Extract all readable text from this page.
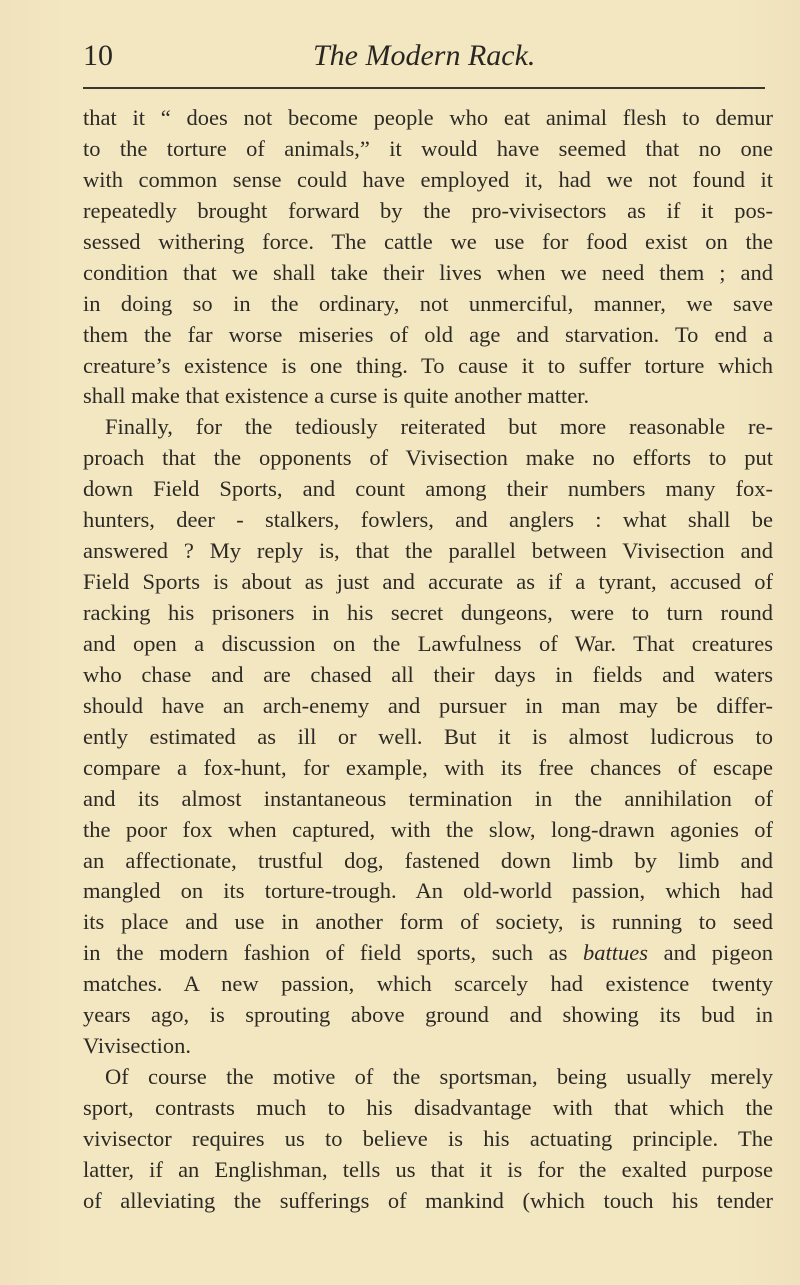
10	The Modern Rack.
that it “ does not become people who eat animal flesh to demur
to the torture of animals,” it would have seemed that no one
with common sense could have employed it, had we not found it
repeatedly brought forward by the pro-vivisectors as if it pos-
sessed withering force. The cattle we use for food exist on the
condition that we shall take their lives when we need them ; and
in doing so in the ordinary, not unmerciful, manner, we save
them the far worse miseries of old age and starvation. To end a
creature’s existence is one thing. To cause it to suffer torture which
shall make that existence a curse is quite another matter.
Finally, for the tediously reiterated but more reasonable re-
proach that the opponents of Vivisection make no efforts to put
down Field Sports, and count among their numbers many fox-
hunters, deer - stalkers, fowlers, and anglers : what shall be
answered ? My reply is, that the parallel between Vivisection and
Field Sports is about as just and accurate as if a tyrant, accused of
racking his prisoners in his secret dungeons, were to turn round
and open a discussion on the Lawfulness of War. That creatures
who chase and are chased all their days in fields and waters
should have an arch-enemy and pursuer in man may be differ-
ently estimated as ill or well. But it is almost ludicrous to
compare a fox-hunt, for example, with its free chances of escape
and its almost instantaneous termination in the annihilation of
the poor fox when captured, with the slow, long-drawn agonies of
an affectionate, trustful dog, fastened down limb by limb and
mangled on its torture-trough. An old-world passion, which had
its place and use in another form of society, is running to seed
in the modern fashion of field sports, such as battues and pigeon
matches. A new passion, which scarcely had existence twenty
years ago, is sprouting above ground and showing its bud in
Vivisection.
Of course the motive of the sportsman, being usually merely
sport, contrasts much to his disadvantage with that which the
vivisector requires us to believe is his actuating principle. The
latter, if an Englishman, tells us that it is for the exalted purpose
of alleviating the sufferings of mankind (which touch his tender
